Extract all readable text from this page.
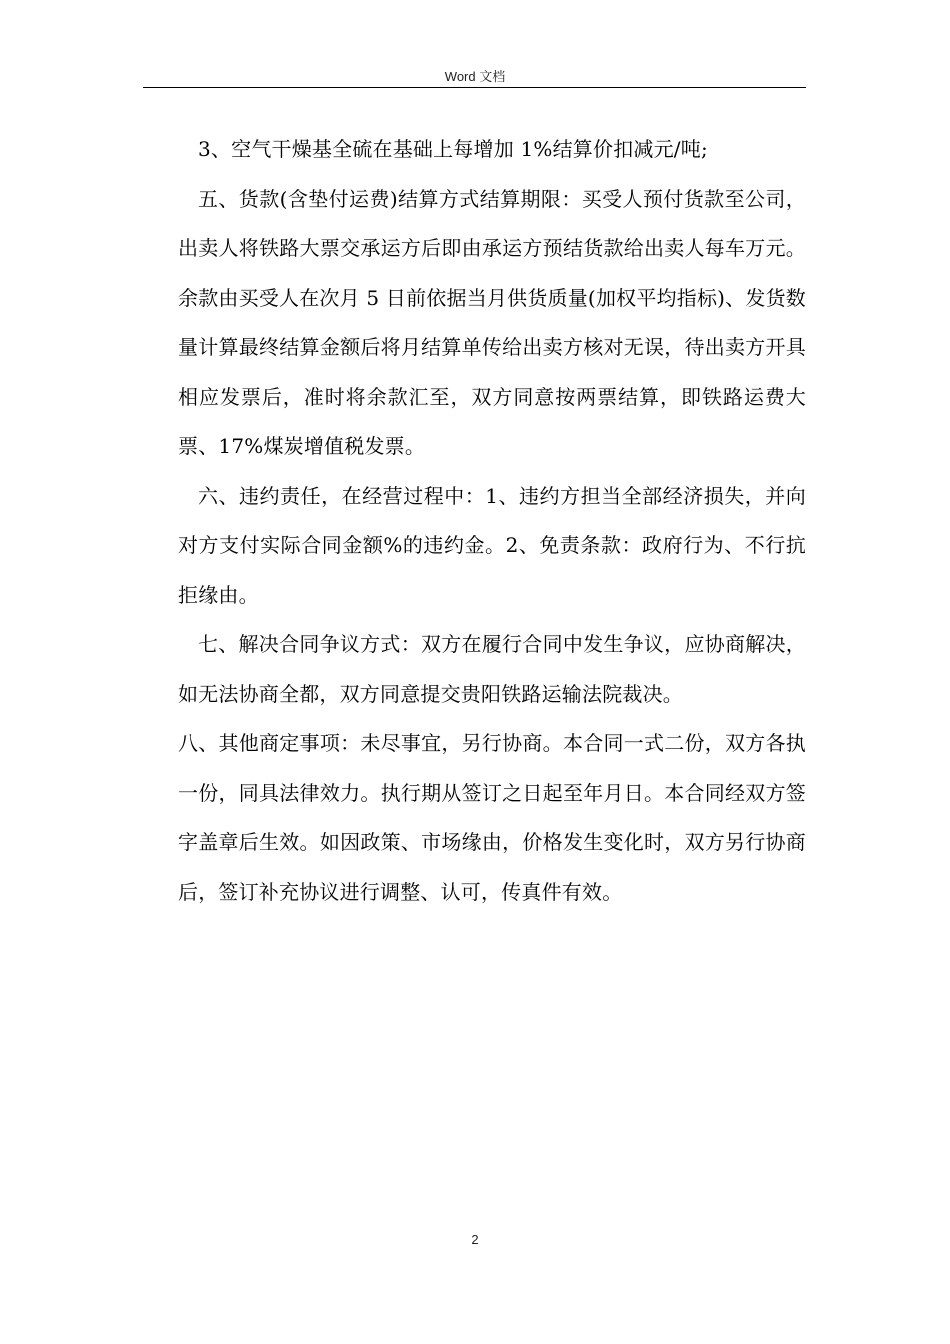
Word 文档

3、空气干燥基全硫在基础上每增加 1%结算价扣减元/吨;

五、货款(含垫付运费)结算方式结算期限：买受人预付货款至公司，出卖人将铁路大票交承运方后即由承运方预结货款给出卖人每车万元。余款由买受人在次月 5 日前依据当月供货质量(加权平均指标)、发货数量计算最终结算金额后将月结算单传给出卖方核对无误，待出卖方开具相应发票后，准时将余款汇至，双方同意按两票结算，即铁路运费大票、17%煤炭增值税发票。

六、违约责任，在经营过程中：1、违约方担当全部经济损失，并向对方支付实际合同金额%的违约金。2、免责条款：政府行为、不行抗拒缘由。

七、解决合同争议方式：双方在履行合同中发生争议，应协商解决，如无法协商全都，双方同意提交贵阳铁路运输法院裁决。

八、其他商定事项：未尽事宜，另行协商。本合同一式二份，双方各执一份，同具法律效力。执行期从签订之日起至年月日。本合同经双方签字盖章后生效。如因政策、市场缘由，价格发生变化时，双方另行协商后，签订补充协议进行调整、认可，传真件有效。

2
